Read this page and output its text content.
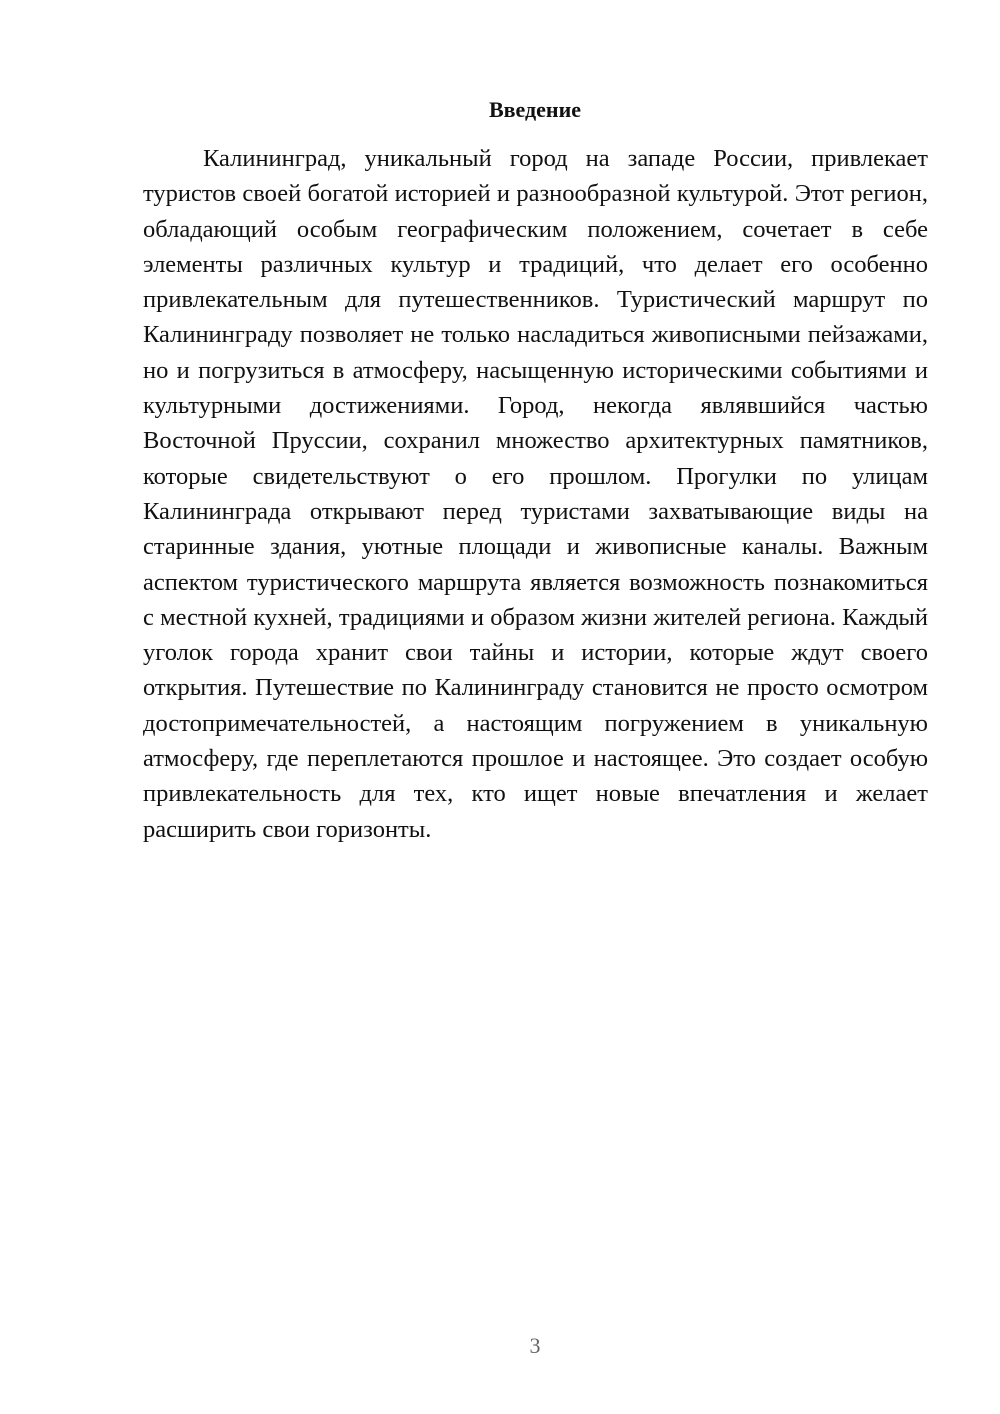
Введение

Калининград, уникальный город на западе России, привлекает туристов своей богатой историей и разнообразной культурой. Этот регион, обладающий особым географическим положением, сочетает в себе элементы различных культур и традиций, что делает его особенно привлекательным для путешественников. Туристический маршрут по Калининграду позволяет не только насладиться живописными пейзажами, но и погрузиться в атмосферу, насыщенную историческими событиями и культурными достижениями. Город, некогда являвшийся частью Восточной Пруссии, сохранил множество архитектурных памятников, которые свидетельствуют о его прошлом. Прогулки по улицам Калининграда открывают перед туристами захватывающие виды на старинные здания, уютные площади и живописные каналы. Важным аспектом туристического маршрута является возможность познакомиться с местной кухней, традициями и образом жизни жителей региона. Каждый уголок города хранит свои тайны и истории, которые ждут своего открытия. Путешествие по Калининграду становится не просто осмотром достопримечательностей, а настоящим погружением в уникальную атмосферу, где переплетаются прошлое и настоящее. Это создает особую привлекательность для тех, кто ищет новые впечатления и желает расширить свои горизонты.

3
